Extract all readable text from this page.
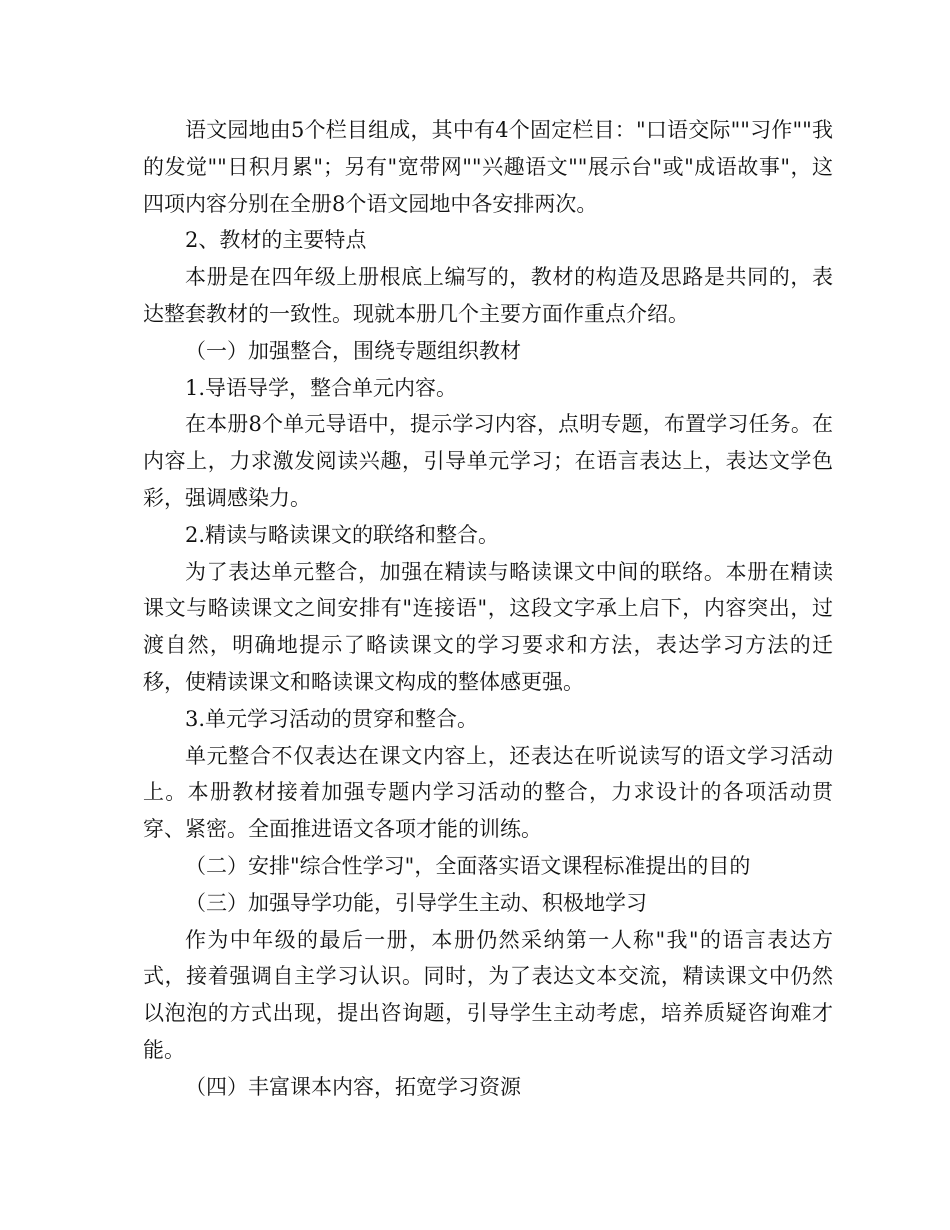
语文园地由5个栏目组成，其中有4个固定栏目："口语交际""习作""我的发觉""日积月累"；另有"宽带网""兴趣语文""展示台"或"成语故事"，这四项内容分别在全册8个语文园地中各安排两次。

2、教材的主要特点

本册是在四年级上册根底上编写的，教材的构造及思路是共同的，表达整套教材的一致性。现就本册几个主要方面作重点介绍。

（一）加强整合，围绕专题组织教材

1.导语导学，整合单元内容。

在本册8个单元导语中，提示学习内容，点明专题，布置学习任务。在内容上，力求激发阅读兴趣，引导单元学习；在语言表达上，表达文学色彩，强调感染力。

2.精读与略读课文的联络和整合。

为了表达单元整合，加强在精读与略读课文中间的联络。本册在精读课文与略读课文之间安排有"连接语"，这段文字承上启下，内容突出，过渡自然，明确地提示了略读课文的学习要求和方法，表达学习方法的迁移，使精读课文和略读课文构成的整体感更强。

3.单元学习活动的贯穿和整合。

单元整合不仅表达在课文内容上，还表达在听说读写的语文学习活动上。本册教材接着加强专题内学习活动的整合，力求设计的各项活动贯穿、紧密。全面推进语文各项才能的训练。

（二）安排"综合性学习"，全面落实语文课程标准提出的目的

（三）加强导学功能，引导学生主动、积极地学习

作为中年级的最后一册，本册仍然采纳第一人称"我"的语言表达方式，接着强调自主学习认识。同时，为了表达文本交流，精读课文中仍然以泡泡的方式出现，提出咨询题，引导学生主动考虑，培养质疑咨询难才能。

（四）丰富课本内容，拓宽学习资源
